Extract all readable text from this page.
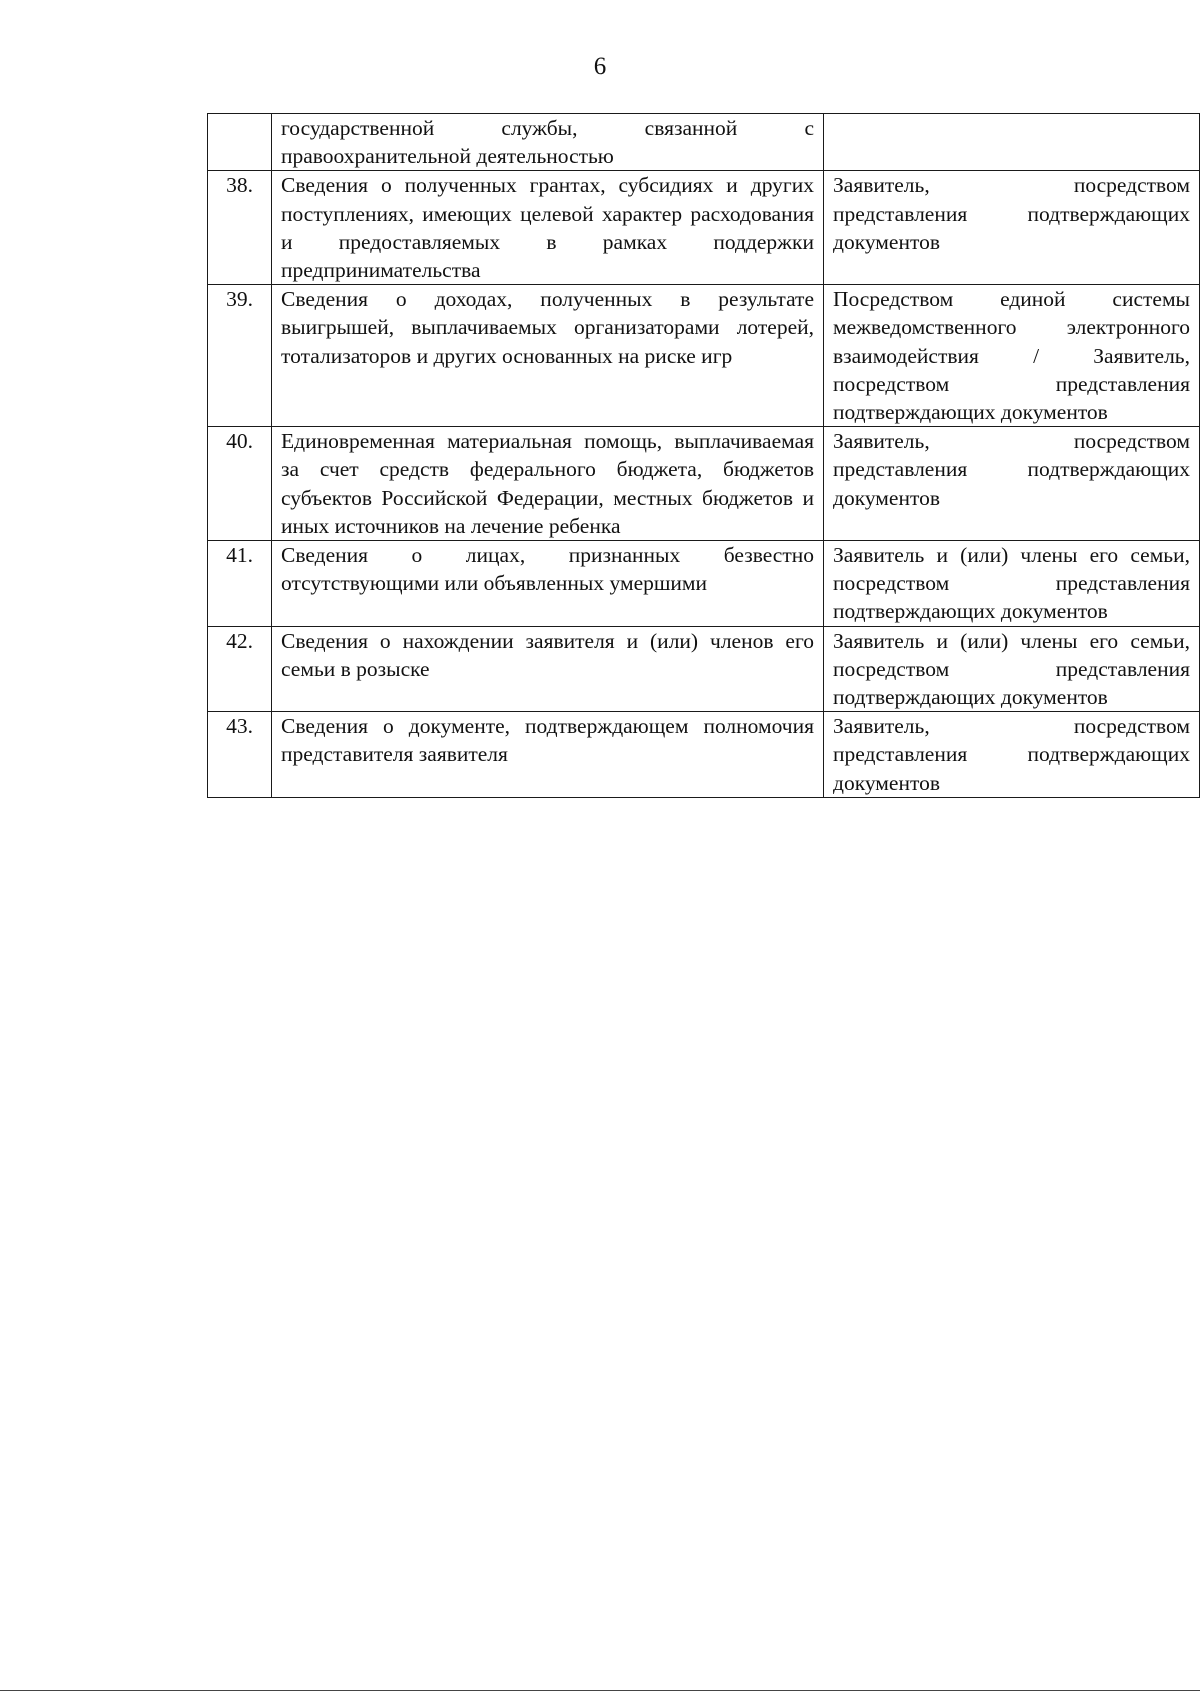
6
	государственной службы, связанной с правоохранительной деятельностью	
38.	Сведения о полученных грантах, субсидиях и других поступлениях, имеющих целевой характер расходования и предоставляемых в рамках поддержки предпринимательства	Заявитель, посредством представления подтверждающих документов
39.	Сведения о доходах, полученных в результате выигрышей, выплачиваемых организаторами лотерей, тотализаторов и других основанных на риске игр	Посредством единой системы межведомственного электронного взаимодействия / Заявитель, посредством представления подтверждающих документов
40.	Единовременная материальная помощь, выплачиваемая за счет средств федерального бюджета, бюджетов субъектов Российской Федерации, местных бюджетов и иных источников на лечение ребенка	Заявитель, посредством представления подтверждающих документов
41.	Сведения о лицах, признанных безвестно отсутствующими или объявленных умершими	Заявитель и (или) члены его семьи, посредством представления подтверждающих документов
42.	Сведения о нахождении заявителя и (или) членов его семьи в розыске	Заявитель и (или) члены его семьи, посредством представления подтверждающих документов
43.	Сведения о документе, подтверждающем полномочия представителя заявителя	Заявитель, посредством представления подтверждающих документов
